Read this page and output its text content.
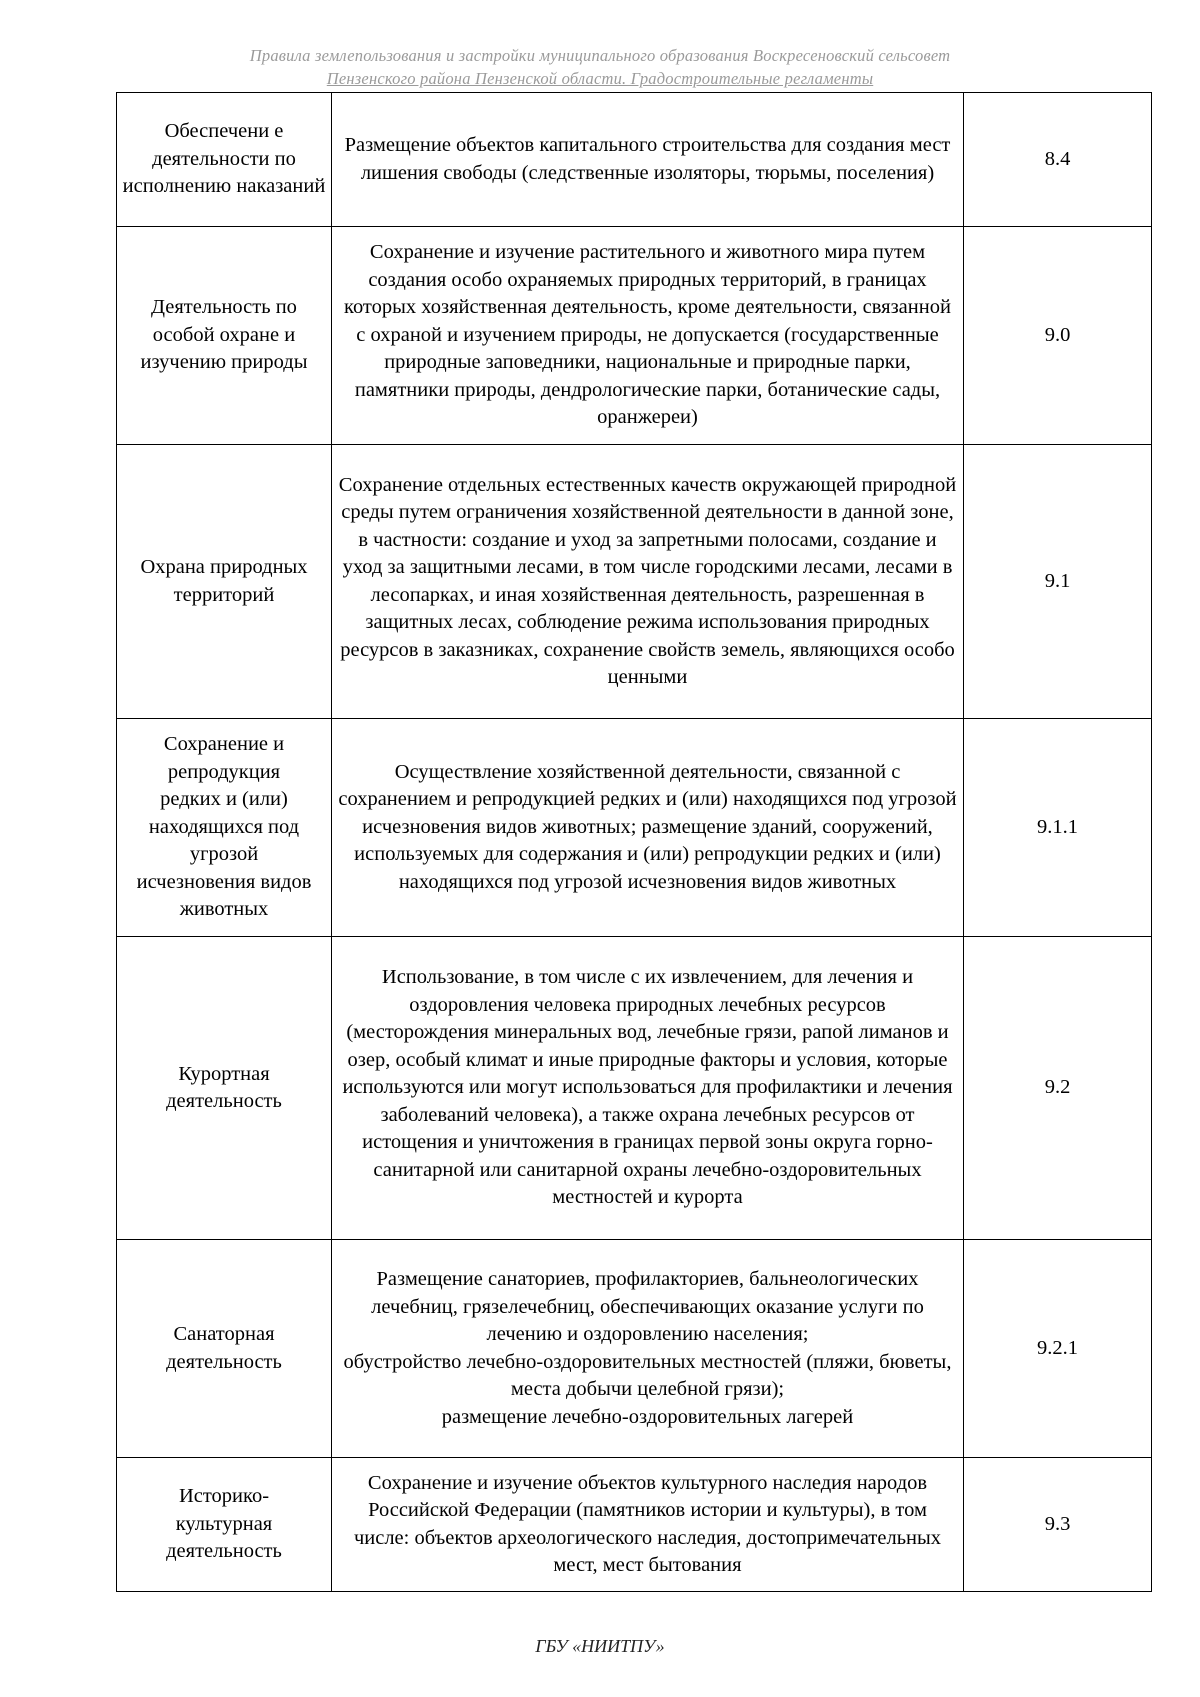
Правила землепользования и застройки муниципального образования Воскресеновский сельсовет
Пензенского района Пензенской области. Градостроительные регламенты
Обеспечени е деятельности по исполнению наказаний	Размещение объектов капитального строительства для создания мест лишения свободы (следственные изоляторы, тюрьмы, поселения)	8.4
Деятельность по особой охране и изучению природы	Сохранение и изучение растительного и животного мира путем создания особо охраняемых природных территорий, в границах которых хозяйственная деятельность, кроме деятельности, связанной с охраной и изучением природы, не допускается (государственные природные заповедники, национальные и природные парки, памятники природы, дендрологические парки, ботанические сады, оранжереи)	9.0
Охрана природных территорий	Сохранение отдельных естественных качеств окружающей природной среды путем ограничения хозяйственной деятельности в данной зоне, в частности: создание и уход за запретными полосами, создание и уход за защитными лесами, в том числе городскими лесами, лесами в лесопарках, и иная хозяйственная деятельность, разрешенная в защитных лесах, соблюдение режима использования природных ресурсов в заказниках, сохранение свойств земель, являющихся особо ценными	9.1
Сохранение и репродукция редких и (или) находящихся под угрозой исчезновения видов животных	Осуществление хозяйственной деятельности, связанной с сохранением и репродукцией редких и (или) находящихся под угрозой исчезновения видов животных; размещение зданий, сооружений, используемых для содержания и (или) репродукции редких и (или) находящихся под угрозой исчезновения видов животных	9.1.1
Курортная деятельность	Использование, в том числе с их извлечением, для лечения и оздоровления человека природных лечебных ресурсов (месторождения минеральных вод, лечебные грязи, рапой лиманов и озер, особый климат и иные природные факторы и условия, которые используются или могут использоваться для профилактики и лечения заболеваний человека), а также охрана лечебных ресурсов от истощения и уничтожения в границах первой зоны округа горно-санитарной или санитарной охраны лечебно-оздоровительных местностей и курорта	9.2
Санаторная деятельность	Размещение санаториев, профилакториев, бальнеологических лечебниц, грязелечебниц, обеспечивающих оказание услуги по лечению и оздоровлению населения;
обустройство лечебно-оздоровительных местностей (пляжи, бюветы, места добычи целебной грязи);
размещение лечебно-оздоровительных лагерей	9.2.1
Историко-культурная деятельность	Сохранение и изучение объектов культурного наследия народов Российской Федерации (памятников истории и культуры), в том числе: объектов археологического наследия, достопримечательных мест, мест бытования	9.3
ГБУ «НИИТПУ»
